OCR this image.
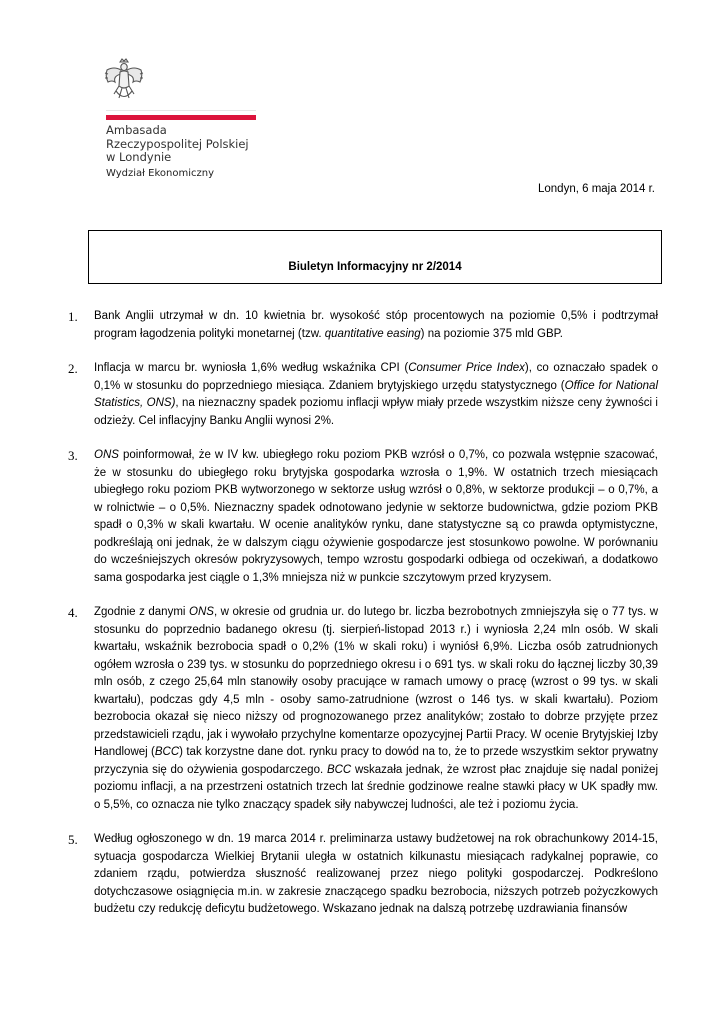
Ambasada
Rzeczypospolitej Polskiej
w Londynie
Wydział Ekonomiczny
Londyn, 6 maja 2014 r.
Biuletyn Informacyjny nr 2/2014
1. Bank Anglii utrzymał w dn. 10 kwietnia br. wysokość stóp procentowych na poziomie 0,5% i podtrzymał program łagodzenia polityki monetarnej (tzw. quantitative easing) na poziomie 375 mld GBP.

2. Inflacja w marcu br. wyniosła 1,6% według wskaźnika CPI (Consumer Price Index), co oznaczało spadek o 0,1% w stosunku do poprzedniego miesiąca. Zdaniem brytyjskiego urzędu statystycznego (Office for National Statistics, ONS), na nieznaczny spadek poziomu inflacji wpływ miały przede wszystkim niższe ceny żywności i odzieży. Cel inflacyjny Banku Anglii wynosi 2%.

3. ONS poinformował, że w IV kw. ubiegłego roku poziom PKB wzrósł o 0,7%, co pozwala wstępnie szacować, że w stosunku do ubiegłego roku brytyjska gospodarka wzrosła o 1,9%. W ostatnich trzech miesiącach ubiegłego roku poziom PKB wytworzonego w sektorze usług wzrósł o 0,8%, w sektorze produkcji – o 0,7%, a w rolnictwie – o 0,5%. Nieznaczny spadek odnotowano jedynie w sektorze budownictwa, gdzie poziom PKB spadł o 0,3% w skali kwartału. W ocenie analityków rynku, dane statystyczne są co prawda optymistyczne, podkreślają oni jednak, że w dalszym ciągu ożywienie gospodarcze jest stosunkowo powolne. W porównaniu do wcześniejszych okresów pokryzysowych, tempo wzrostu gospodarki odbiega od oczekiwań, a dodatkowo sama gospodarka jest ciągle o 1,3% mniejsza niż w punkcie szczytowym przed kryzysem.

4. Zgodnie z danymi ONS, w okresie od grudnia ur. do lutego br. liczba bezrobotnych zmniejszyła się o 77 tys. w stosunku do poprzednio badanego okresu (tj. sierpień-listopad 2013 r.) i wyniosła 2,24 mln osób. W skali kwartału, wskaźnik bezrobocia spadł o 0,2% (1% w skali roku) i wyniósł 6,9%. Liczba osób zatrudnionych ogółem wzrosła o 239 tys. w stosunku do poprzedniego okresu i o 691 tys. w skali roku do łącznej liczby 30,39 mln osób, z czego 25,64 mln stanowiły osoby pracujące w ramach umowy o pracę (wzrost o 99 tys. w skali kwartału), podczas gdy 4,5 mln - osoby samo-zatrudnione (wzrost o 146 tys. w skali kwartału). Poziom bezrobocia okazał się nieco niższy od prognozowanego przez analityków; zostało to dobrze przyjęte przez przedstawicieli rządu, jak i wywołało przychylne komentarze opozycyjnej Partii Pracy. W ocenie Brytyjskiej Izby Handlowej (BCC) tak korzystne dane dot. rynku pracy to dowód na to, że to przede wszystkim sektor prywatny przyczynia się do ożywienia gospodarczego. BCC wskazała jednak, że wzrost płac znajduje się nadal poniżej poziomu inflacji, a na przestrzeni ostatnich trzech lat średnie godzinowe realne stawki płacy w UK spadły mw. o 5,5%, co oznacza nie tylko znaczący spadek siły nabywczej ludności, ale też i poziomu życia.

5. Według ogłoszonego w dn. 19 marca 2014 r. preliminarza ustawy budżetowej na rok obrachunkowy 2014-15, sytuacja gospodarcza Wielkiej Brytanii uległa w ostatnich kilkunastu miesiącach radykalnej poprawie, co zdaniem rządu, potwierdza słuszność realizowanej przez niego polityki gospodarczej. Podkreślono dotychczasowe osiągnięcia m.in. w zakresie znaczącego spadku bezrobocia, niższych potrzeb pożyczkowych budżetu czy redukcję deficytu budżetowego. Wskazano jednak na dalszą potrzebę uzdrawiania finansów
